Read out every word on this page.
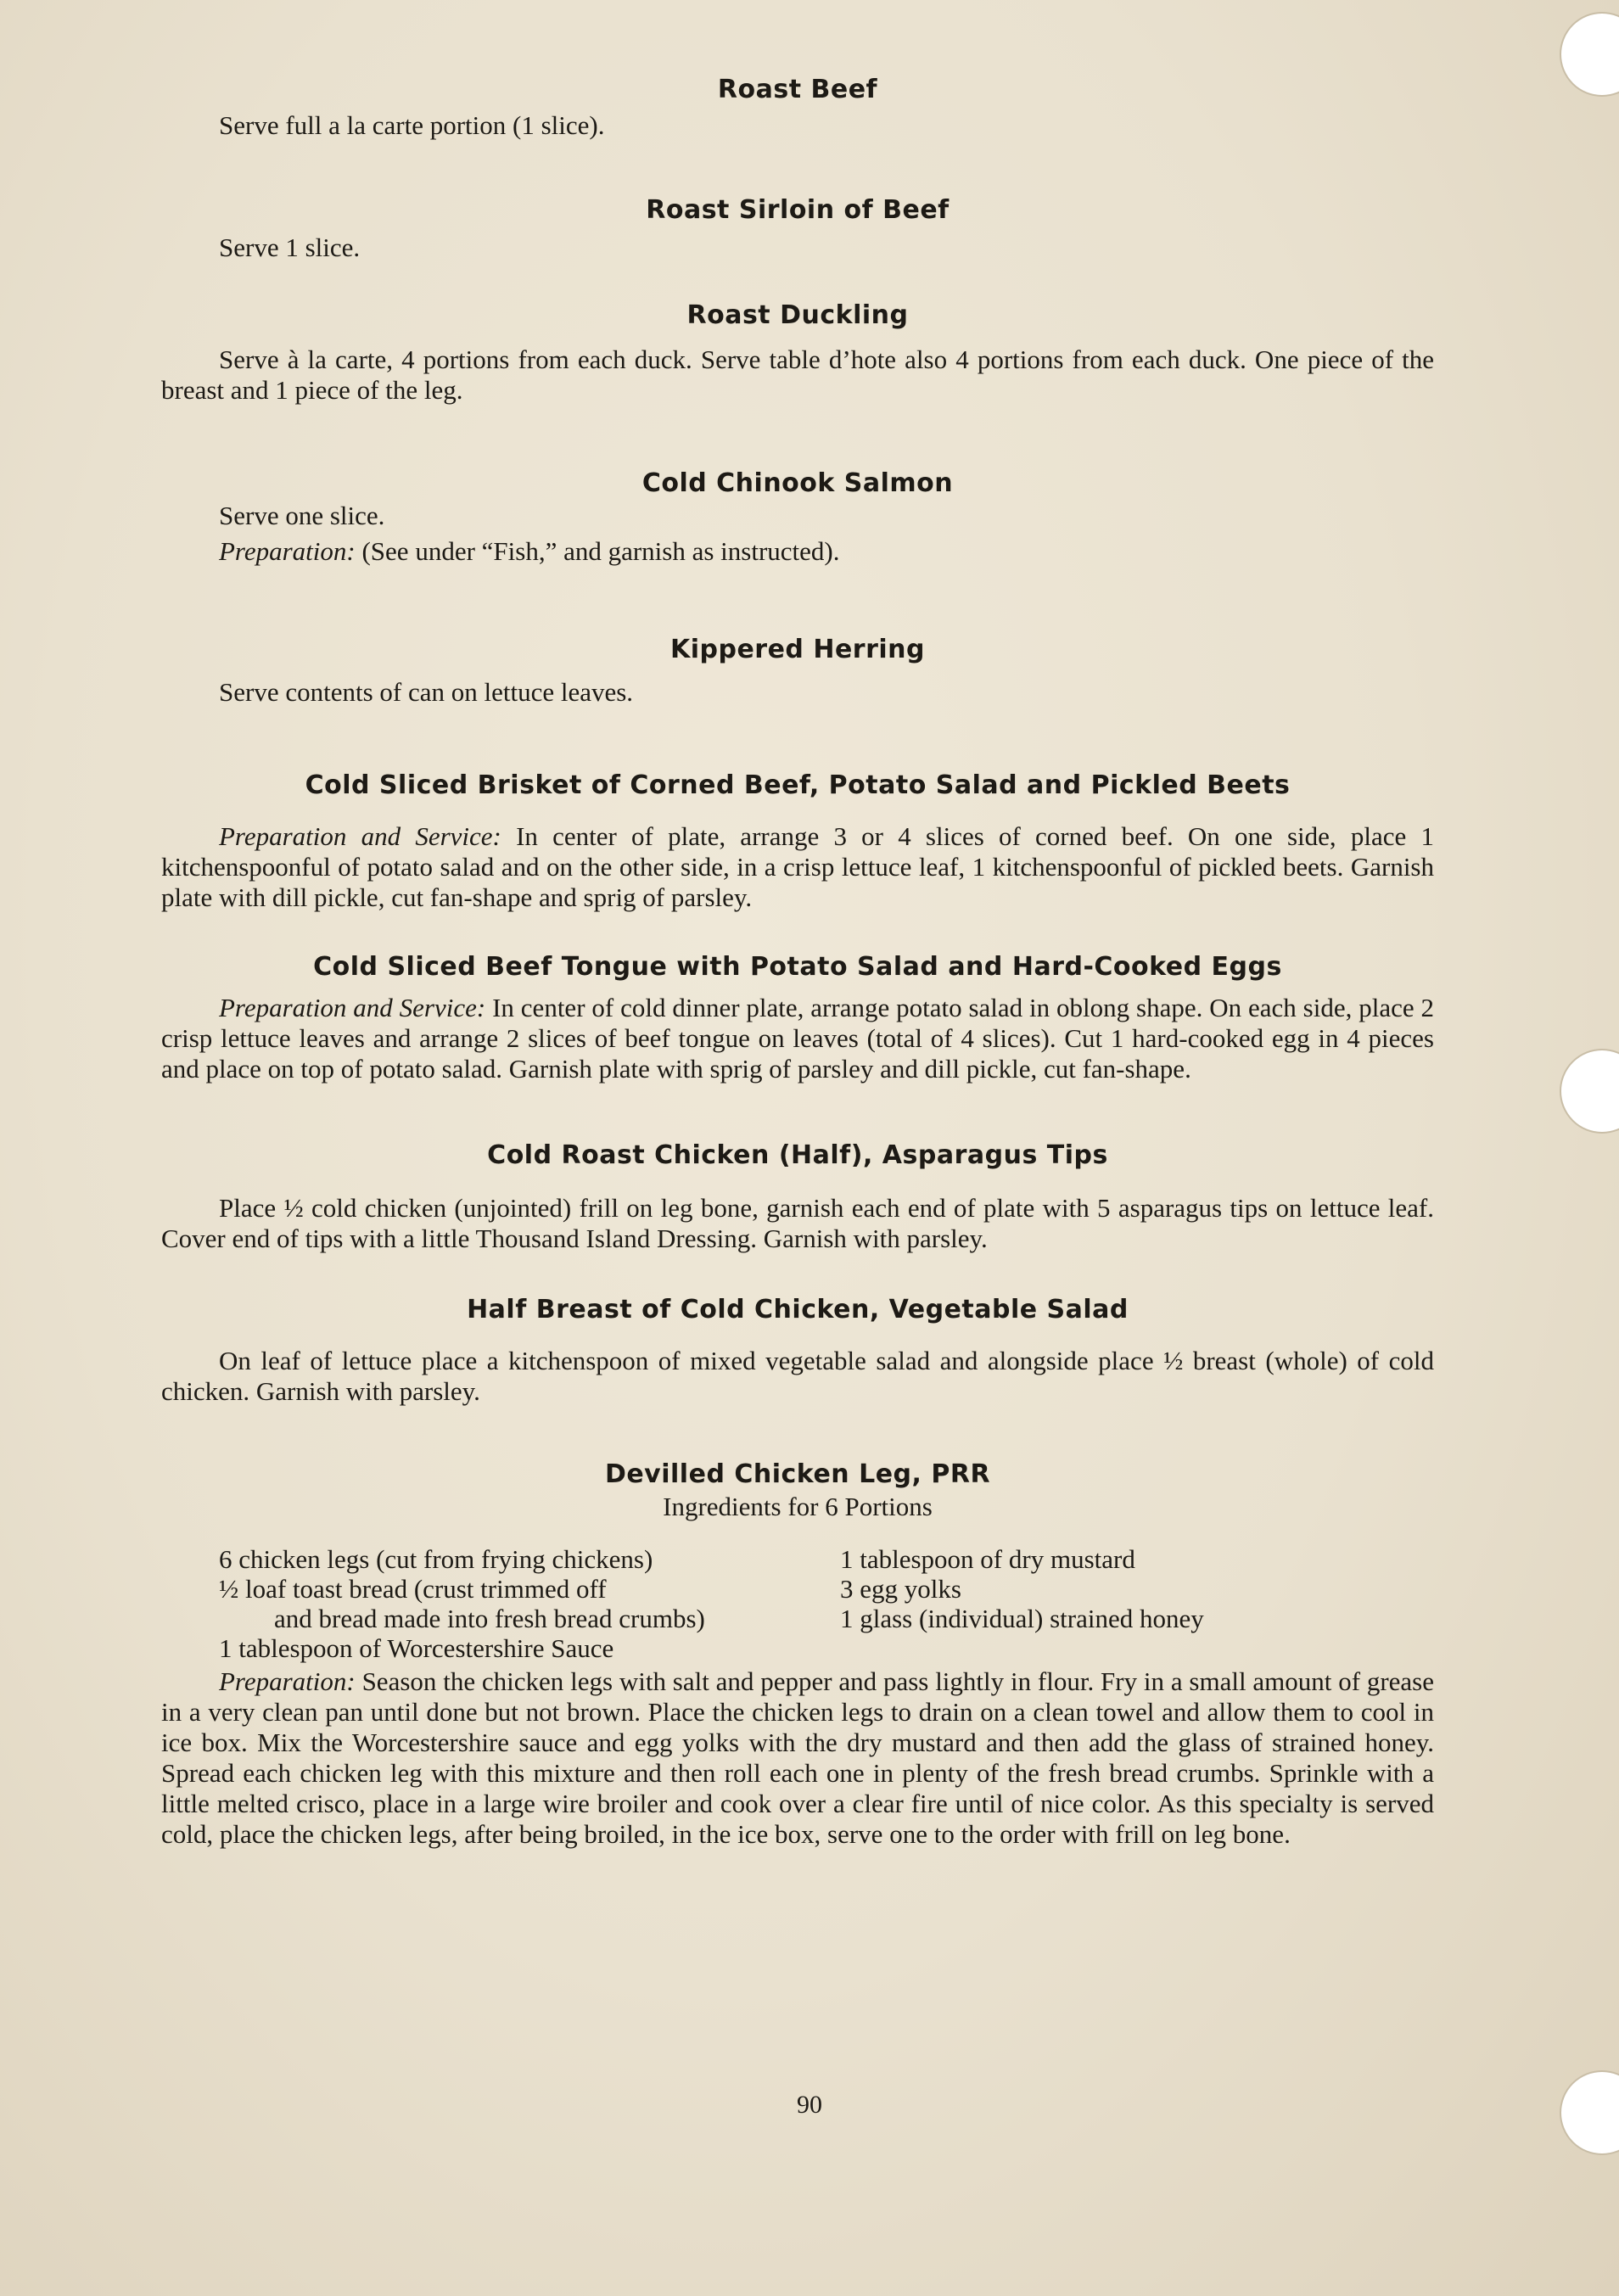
Roast Beef

Serve full a la carte portion (1 slice).

Roast Sirloin of Beef

Serve 1 slice.

Roast Duckling

Serve à la carte, 4 portions from each duck. Serve table d’hote also 4 portions from each duck. One piece of the breast and 1 piece of the leg.

Cold Chinook Salmon

Serve one slice.

Preparation: (See under “Fish,” and garnish as instructed).

Kippered Herring

Serve contents of can on lettuce leaves.

Cold Sliced Brisket of Corned Beef, Potato Salad and Pickled Beets

Preparation and Service: In center of plate, arrange 3 or 4 slices of corned beef. On one side, place 1 kitchenspoonful of potato salad and on the other side, in a crisp lettuce leaf, 1 kitchenspoonful of pickled beets. Garnish plate with dill pickle, cut fan-shape and sprig of parsley.

Cold Sliced Beef Tongue with Potato Salad and Hard-Cooked Eggs

Preparation and Service: In center of cold dinner plate, arrange potato salad in oblong shape. On each side, place 2 crisp lettuce leaves and arrange 2 slices of beef tongue on leaves (total of 4 slices). Cut 1 hard-cooked egg in 4 pieces and place on top of potato salad. Garnish plate with sprig of parsley and dill pickle, cut fan-shape.

Cold Roast Chicken (Half), Asparagus Tips

Place ½ cold chicken (unjointed) frill on leg bone, garnish each end of plate with 5 asparagus tips on lettuce leaf. Cover end of tips with a little Thousand Island Dressing. Garnish with parsley.

Half Breast of Cold Chicken, Vegetable Salad

On leaf of lettuce place a kitchenspoon of mixed vegetable salad and alongside place ½ breast (whole) of cold chicken. Garnish with parsley.

Devilled Chicken Leg, PRR
Ingredients for 6 Portions
6 chicken legs (cut from frying chickens)
½ loaf toast bread (crust trimmed off
 and bread made into fresh bread crumbs)
1 tablespoon of Worcestershire Sauce
1 tablespoon of dry mustard
3 egg yolks
1 glass (individual) strained honey

Preparation: Season the chicken legs with salt and pepper and pass lightly in flour. Fry in a small amount of grease in a very clean pan until done but not brown. Place the chicken legs to drain on a clean towel and allow them to cool in ice box. Mix the Worcestershire sauce and egg yolks with the dry mustard and then add the glass of strained honey. Spread each chicken leg with this mixture and then roll each one in plenty of the fresh bread crumbs. Sprinkle with a little melted crisco, place in a large wire broiler and cook over a clear fire until of nice color. As this specialty is served cold, place the chicken legs, after being broiled, in the ice box, serve one to the order with frill on leg bone.

90
